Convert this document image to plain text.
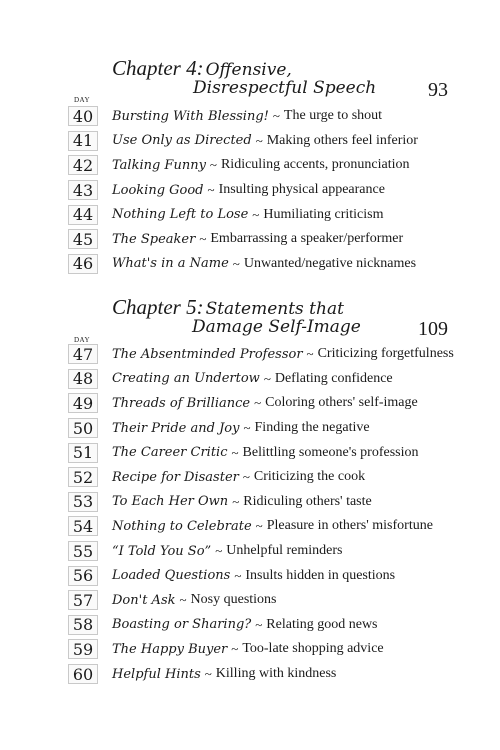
Chapter 4: Offensive,
Disrespectful Speech	93
DAY
40	Bursting With Blessing! ~ The urge to shout
41	Use Only as Directed ~ Making others feel inferior
42	Talking Funny ~ Ridiculing accents, pronunciation
43	Looking Good ~ Insulting physical appearance
44	Nothing Left to Lose ~ Humiliating criticism
45	The Speaker ~ Embarrassing a speaker/performer
46	What's in a Name ~ Unwanted/negative nicknames
Chapter 5: Statements that
Damage Self-Image	109
DAY
47	The Absentminded Professor ~ Criticizing forgetfulness
48	Creating an Undertow ~ Deflating confidence
49	Threads of Brilliance ~ Coloring others' self-image
50	Their Pride and Joy ~ Finding the negative
51	The Career Critic ~ Belittling someone's profession
52	Recipe for Disaster ~ Criticizing the cook
53	To Each Her Own ~ Ridiculing others' taste
54	Nothing to Celebrate ~ Pleasure in others' misfortune
55	“I Told You So” ~ Unhelpful reminders
56	Loaded Questions ~ Insults hidden in questions
57	Don't Ask ~ Nosy questions
58	Boasting or Sharing? ~ Relating good news
59	The Happy Buyer ~ Too-late shopping advice
60	Helpful Hints ~ Killing with kindness
